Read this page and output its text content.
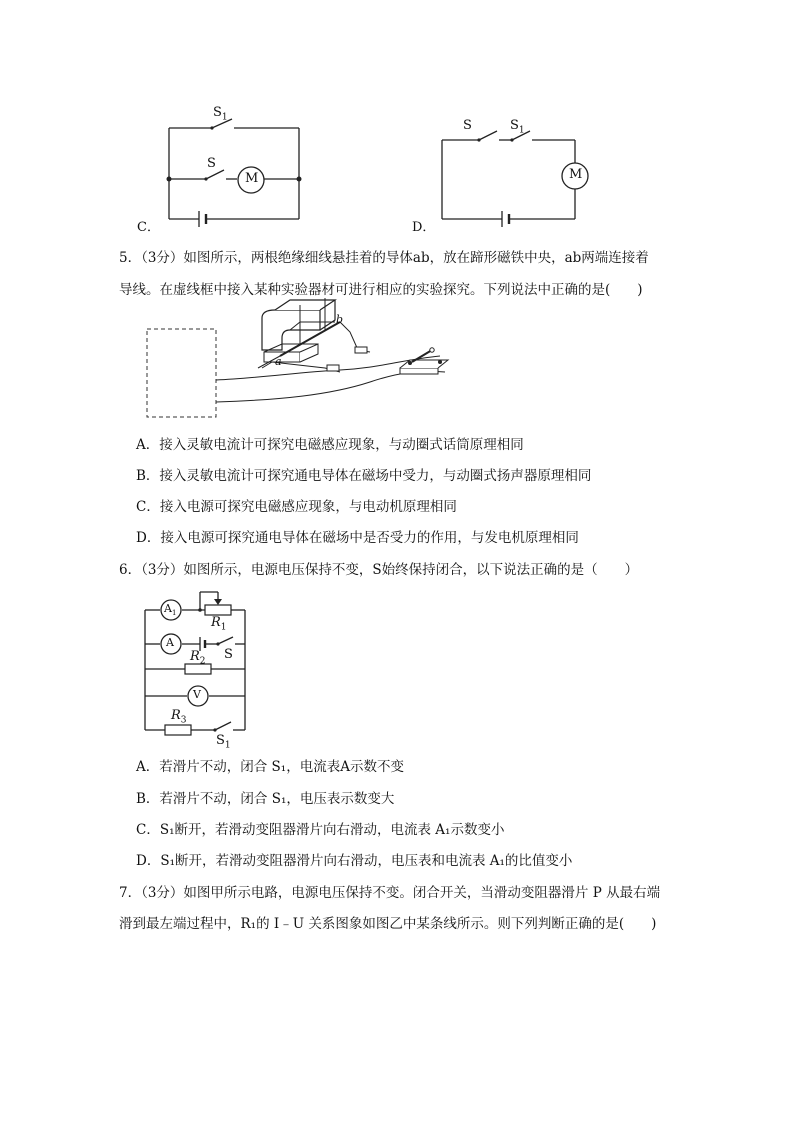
C．
$S_1$
S
M
D．
S	$S_1$
M
5．（3分）如图所示，两根绝缘细线悬挂着的导体ab，放在蹄形磁铁中央，ab两端连接着
导线。在虚线框中接入某种实验器材可进行相应的实验探究。下列说法中正确的是(　　)
a
b
A．接入灵敏电流计可探究电磁感应现象，与动圈式话筒原理相同
B．接入灵敏电流计可探究通电导体在磁场中受力，与动圈式扬声器原理相同
C．接入电源可探究电磁感应现象，与电动机原理相同
D．接入电源可探究通电导体在磁场中是否受力的作用，与发电机原理相同
6．（3分）如图所示，电源电压保持不变，S始终保持闭合，以下说法正确的是（　　）
$A_1$
A
V
$R_1$
$R_2$ S
$R_3$
$S_1$
A．若滑片不动，闭合 S₁，电流表A示数不变
B．若滑片不动，闭合 S₁，电压表示数变大
C．S₁断开，若滑动变阻器滑片向右滑动，电流表 A₁示数变小
D．S₁断开，若滑动变阻器滑片向右滑动，电压表和电流表 A₁的比值变小
7．（3分）如图甲所示电路，电源电压保持不变。闭合开关，当滑动变阻器滑片 P 从最右端
滑到最左端过程中，R₁的 I﹣U 关系图象如图乙中某条线所示。则下列判断正确的是(　　)
